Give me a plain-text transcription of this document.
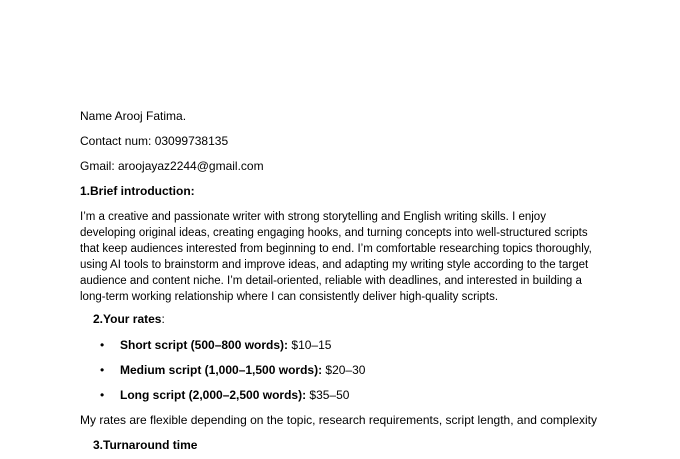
Name Arooj Fatima.
Contact num: 03099738135
Gmail: aroojayaz2244@gmail.com
1.Brief introduction:
I’m a creative and passionate writer with strong storytelling and English writing skills. I enjoy developing original ideas, creating engaging hooks, and turning concepts into well-structured scripts that keep audiences interested from beginning to end. I’m comfortable researching topics thoroughly, using AI tools to brainstorm and improve ideas, and adapting my writing style according to the target audience and content niche. I’m detail-oriented, reliable with deadlines, and interested in building a long-term working relationship where I can consistently deliver high-quality scripts.
2.Your rates:
• Short script (500–800 words): $10–15
• Medium script (1,000–1,500 words): $20–30
• Long script (2,000–2,500 words): $35–50
My rates are flexible depending on the topic, research requirements, script length, and complexity
3.Turnaround time
